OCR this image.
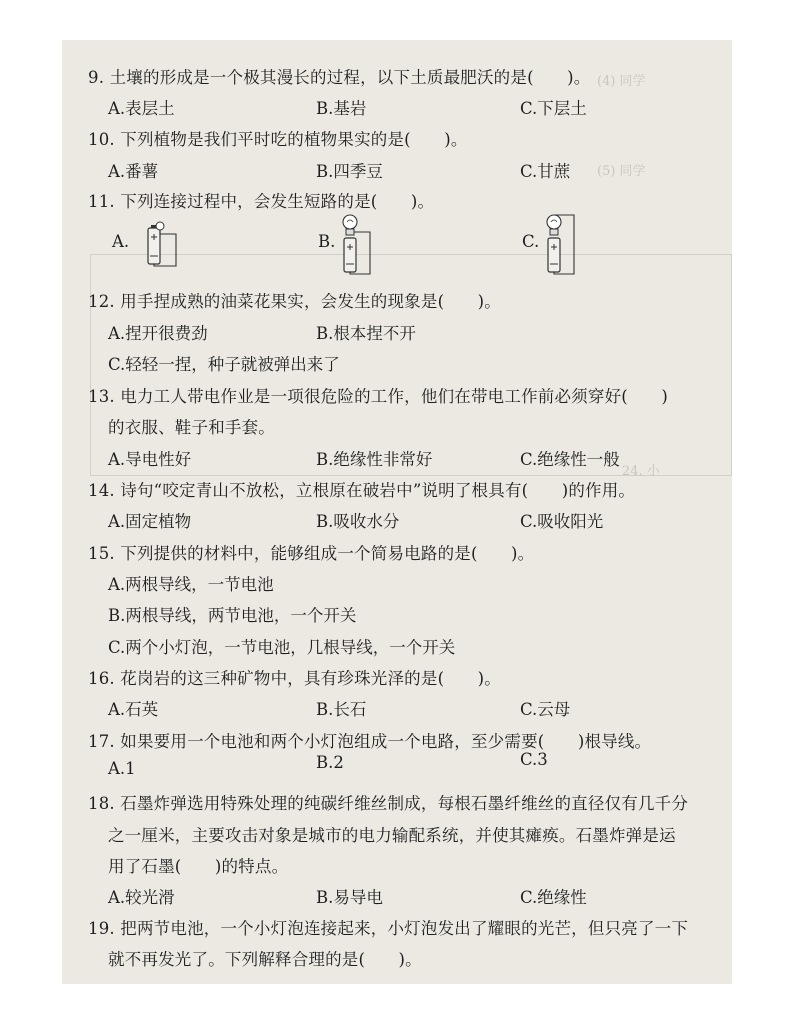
(4) 同学
(5) 同学
24. 小
9. 土壤的形成是一个极其漫长的过程，以下土质最肥沃的是(　　)。
A.表层土	B.基岩	C.下层土
10. 下列植物是我们平时吃的植物果实的是(　　)。
A.番薯	B.四季豆	C.甘蔗
11. 下列连接过程中，会发生短路的是(　　)。
A.	B.	C.
12. 用手捏成熟的油菜花果实，会发生的现象是(　　)。
A.捏开很费劲	B.根本捏不开
C.轻轻一捏，种子就被弹出来了
13. 电力工人带电作业是一项很危险的工作，他们在带电工作前必须穿好(　　)
的衣服、鞋子和手套。
A.导电性好	B.绝缘性非常好	C.绝缘性一般
14. 诗句“咬定青山不放松，立根原在破岩中”说明了根具有(　　)的作用。
A.固定植物	B.吸收水分	C.吸收阳光
15. 下列提供的材料中，能够组成一个简易电路的是(　　)。
A.两根导线，一节电池
B.两根导线，两节电池，一个开关
C.两个小灯泡，一节电池，几根导线，一个开关
16. 花岗岩的这三种矿物中，具有珍珠光泽的是(　　)。
A.石英	B.长石	C.云母
17. 如果要用一个电池和两个小灯泡组成一个电路，至少需要(　　)根导线。
A.1	B.2	C.3
18. 石墨炸弹选用特殊处理的纯碳纤维丝制成，每根石墨纤维丝的直径仅有几千分
之一厘米，主要攻击对象是城市的电力输配系统，并使其瘫痪。石墨炸弹是运
用了石墨(　　)的特点。
A.较光滑	B.易导电	C.绝缘性
19. 把两节电池，一个小灯泡连接起来，小灯泡发出了耀眼的光芒，但只亮了一下
就不再发光了。下列解释合理的是(　　)。
